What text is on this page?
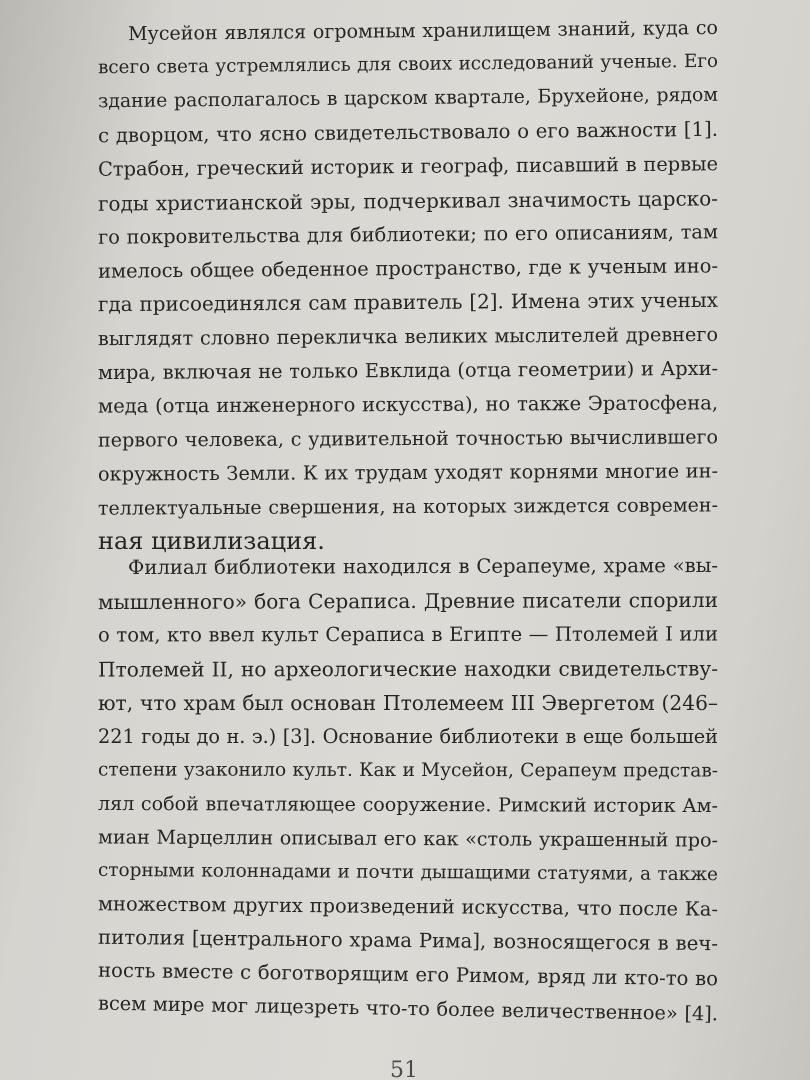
Мусейон являлся огромным хранилищем знаний, куда со

всего света устремлялись для своих исследований ученые. Его

здание располагалось в царском квартале, Брухейоне, рядом

с дворцом, что ясно свидетельствовало о его важности [1].

Страбон, греческий историк и географ, писавший в первые

годы христианской эры, подчеркивал значимость царско-

го покровительства для библиотеки; по его описаниям, там

имелось общее обеденное пространство, где к ученым ино-

гда присоединялся сам правитель [2]. Имена этих ученых

выглядят словно перекличка великих мыслителей древнего

мира, включая не только Евклида (отца геометрии) и Архи-

меда (отца инженерного искусства), но также Эратосфена,

первого человека, с удивительной точностью вычислившего

окружность Земли. К их трудам уходят корнями многие ин-

теллектуальные свершения, на которых зиждется современ-

ная цивилизация.

Филиал библиотеки находился в Серапеуме, храме «вы-

мышленного» бога Сераписа. Древние писатели спорили

о том, кто ввел культ Сераписа в Египте — Птолемей I или

Птолемей II, но археологические находки свидетельству-

ют, что храм был основан Птолемеем III Эвергетом (246–

221 годы до н. э.) [3]. Основание библиотеки в еще большей

степени узаконило культ. Как и Мусейон, Серапеум представ-

лял собой впечатляющее сооружение. Римский историк Ам-

миан Марцеллин описывал его как «столь украшенный про-

сторными колоннадами и почти дышащими статуями, а также

множеством других произведений искусства, что после Ка-

питолия [центрального храма Рима], возносящегося в веч-

ность вместе с боготворящим его Римом, вряд ли кто-то во

всем мире мог лицезреть что-то более величественное» [4].

51
